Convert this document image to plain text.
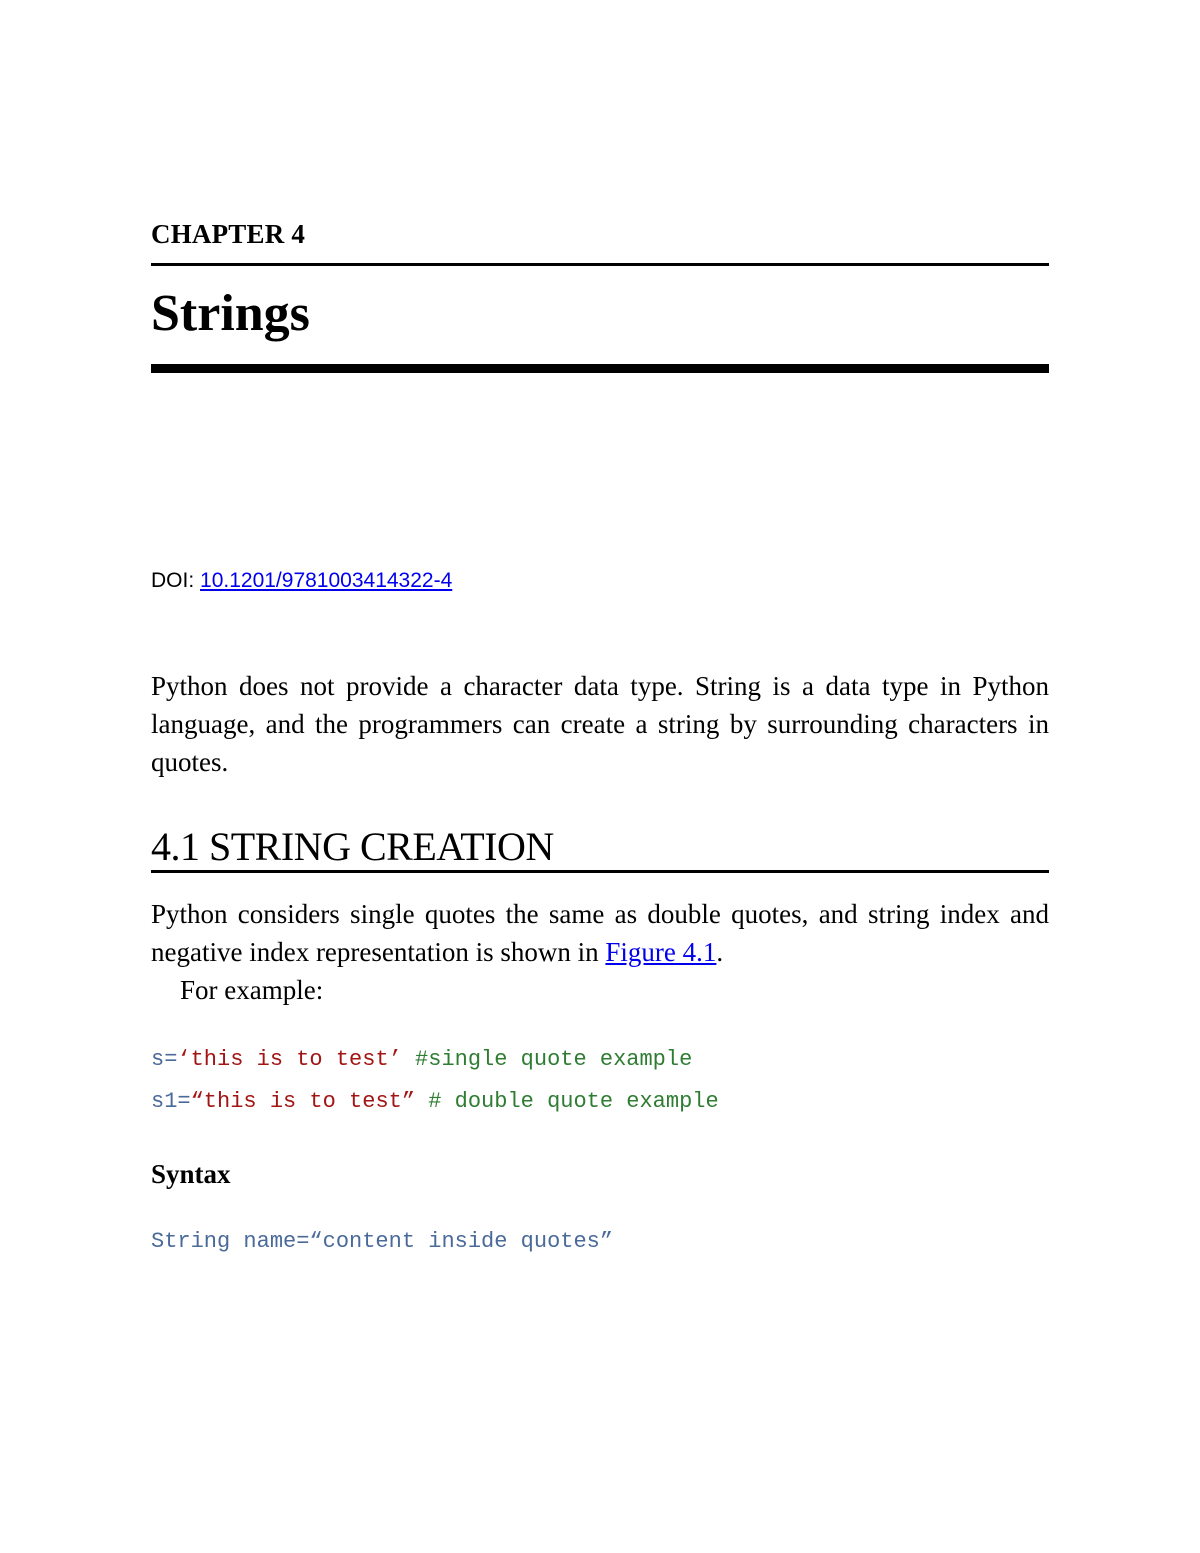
CHAPTER 4
Strings
DOI: 10.1201/9781003414322-4
Python does not provide a character data type. String is a data type in Python language, and the programmers can create a string by surrounding characters in quotes.
4.1 STRING CREATION
Python considers single quotes the same as double quotes, and string index and negative index representation is shown in Figure 4.1.
For example:
s=‘this is to test’ #single quote example
s1=“this is to test” # double quote example
Syntax
String name=“content inside quotes”
